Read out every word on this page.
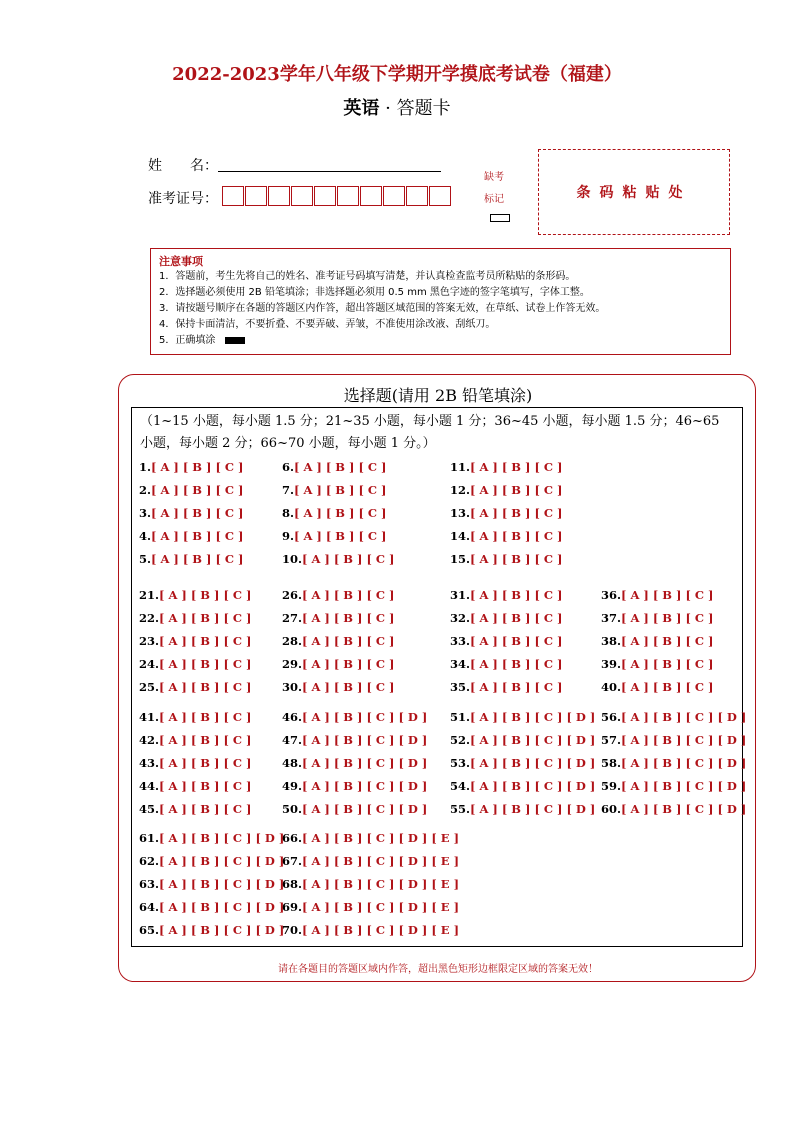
2022-2023学年八年级下学期开学摸底考试卷（福建）
英语 · 答题卡
姓　　名：
准考证号：
缺考
标记	条码粘贴处
注意事项
1．答题前，考生先将自己的姓名、准考证号码填写清楚，并认真检查监考员所粘贴的条形码。
2．选择题必须使用 2B 铅笔填涂；非选择题必须用 0.5 mm 黑色字迹的签字笔填写，字体工整。
3．请按题号顺序在各题的答题区内作答，超出答题区域范围的答案无效，在草纸、试卷上作答无效。
4．保持卡面清洁，不要折叠、不要弄破、弄皱，不准使用涂改液、刮纸刀。
5．正确填涂
选择题(请用 2B 铅笔填涂)
（1~15 小题，每小题 1.5 分；21~35 小题，每小题 1 分；36~45 小题，每小题 1.5 分；46~65 小题，每小题 2 分；66~70 小题，每小题 1 分。）
1.[ A ] [ B ] [ C ]
2.[ A ] [ B ] [ C ]
3.[ A ] [ B ] [ C ]
4.[ A ] [ B ] [ C ]
5.[ A ] [ B ] [ C ]
6.[ A ] [ B ] [ C ]
7.[ A ] [ B ] [ C ]
8.[ A ] [ B ] [ C ]
9.[ A ] [ B ] [ C ]
10.[ A ] [ B ] [ C ]
11.[ A ] [ B ] [ C ]
12.[ A ] [ B ] [ C ]
13.[ A ] [ B ] [ C ]
14.[ A ] [ B ] [ C ]
15.[ A ] [ B ] [ C ]
21.[ A ] [ B ] [ C ]
22.[ A ] [ B ] [ C ]
23.[ A ] [ B ] [ C ]
24.[ A ] [ B ] [ C ]
25.[ A ] [ B ] [ C ]
26.[ A ] [ B ] [ C ]
27.[ A ] [ B ] [ C ]
28.[ A ] [ B ] [ C ]
29.[ A ] [ B ] [ C ]
30.[ A ] [ B ] [ C ]
31.[ A ] [ B ] [ C ]
32.[ A ] [ B ] [ C ]
33.[ A ] [ B ] [ C ]
34.[ A ] [ B ] [ C ]
35.[ A ] [ B ] [ C ]
36.[ A ] [ B ] [ C ]
37.[ A ] [ B ] [ C ]
38.[ A ] [ B ] [ C ]
39.[ A ] [ B ] [ C ]
40.[ A ] [ B ] [ C ]
41.[ A ] [ B ] [ C ]
42.[ A ] [ B ] [ C ]
43.[ A ] [ B ] [ C ]
44.[ A ] [ B ] [ C ]
45.[ A ] [ B ] [ C ]
46.[ A ] [ B ] [ C ] [ D ]
47.[ A ] [ B ] [ C ] [ D ]
48.[ A ] [ B ] [ C ] [ D ]
49.[ A ] [ B ] [ C ] [ D ]
50.[ A ] [ B ] [ C ] [ D ]
51.[ A ] [ B ] [ C ] [ D ]
52.[ A ] [ B ] [ C ] [ D ]
53.[ A ] [ B ] [ C ] [ D ]
54.[ A ] [ B ] [ C ] [ D ]
55.[ A ] [ B ] [ C ] [ D ]
56.[ A ] [ B ] [ C ] [ D ]
57.[ A ] [ B ] [ C ] [ D ]
58.[ A ] [ B ] [ C ] [ D ]
59.[ A ] [ B ] [ C ] [ D ]
60.[ A ] [ B ] [ C ] [ D ]
61.[ A ] [ B ] [ C ] [ D ]
62.[ A ] [ B ] [ C ] [ D ]
63.[ A ] [ B ] [ C ] [ D ]
64.[ A ] [ B ] [ C ] [ D ]
65.[ A ] [ B ] [ C ] [ D ]
66.[ A ] [ B ] [ C ] [ D ] [ E ]
67.[ A ] [ B ] [ C ] [ D ] [ E ]
68.[ A ] [ B ] [ C ] [ D ] [ E ]
69.[ A ] [ B ] [ C ] [ D ] [ E ]
70.[ A ] [ B ] [ C ] [ D ] [ E ]
请在各题目的答题区域内作答，超出黑色矩形边框限定区域的答案无效！
